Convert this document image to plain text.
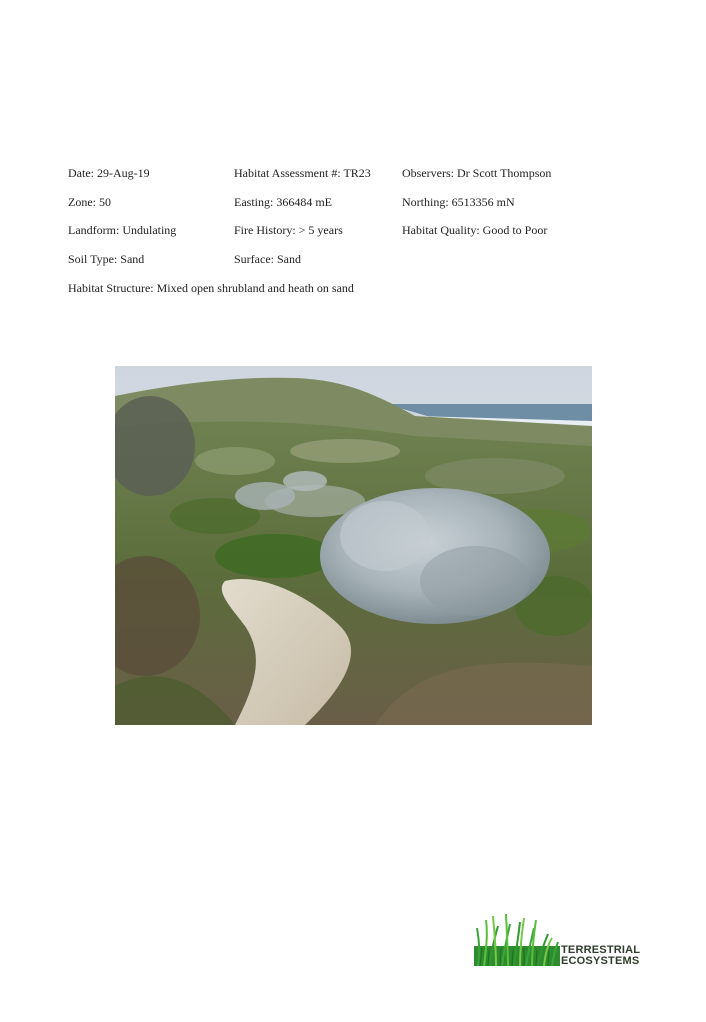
Date: 29-Aug-19	Habitat Assessment #: TR23	Observers: Dr Scott Thompson
Zone: 50	Easting: 366484 mE	Northing: 6513356 mN
Landform: Undulating	Fire History: > 5 years	Habitat Quality: Good to Poor
Soil Type: Sand	Surface: Sand
Habitat Structure: Mixed open shrubland and heath on sand
TERRESTRIAL
ECOSYSTEMS
